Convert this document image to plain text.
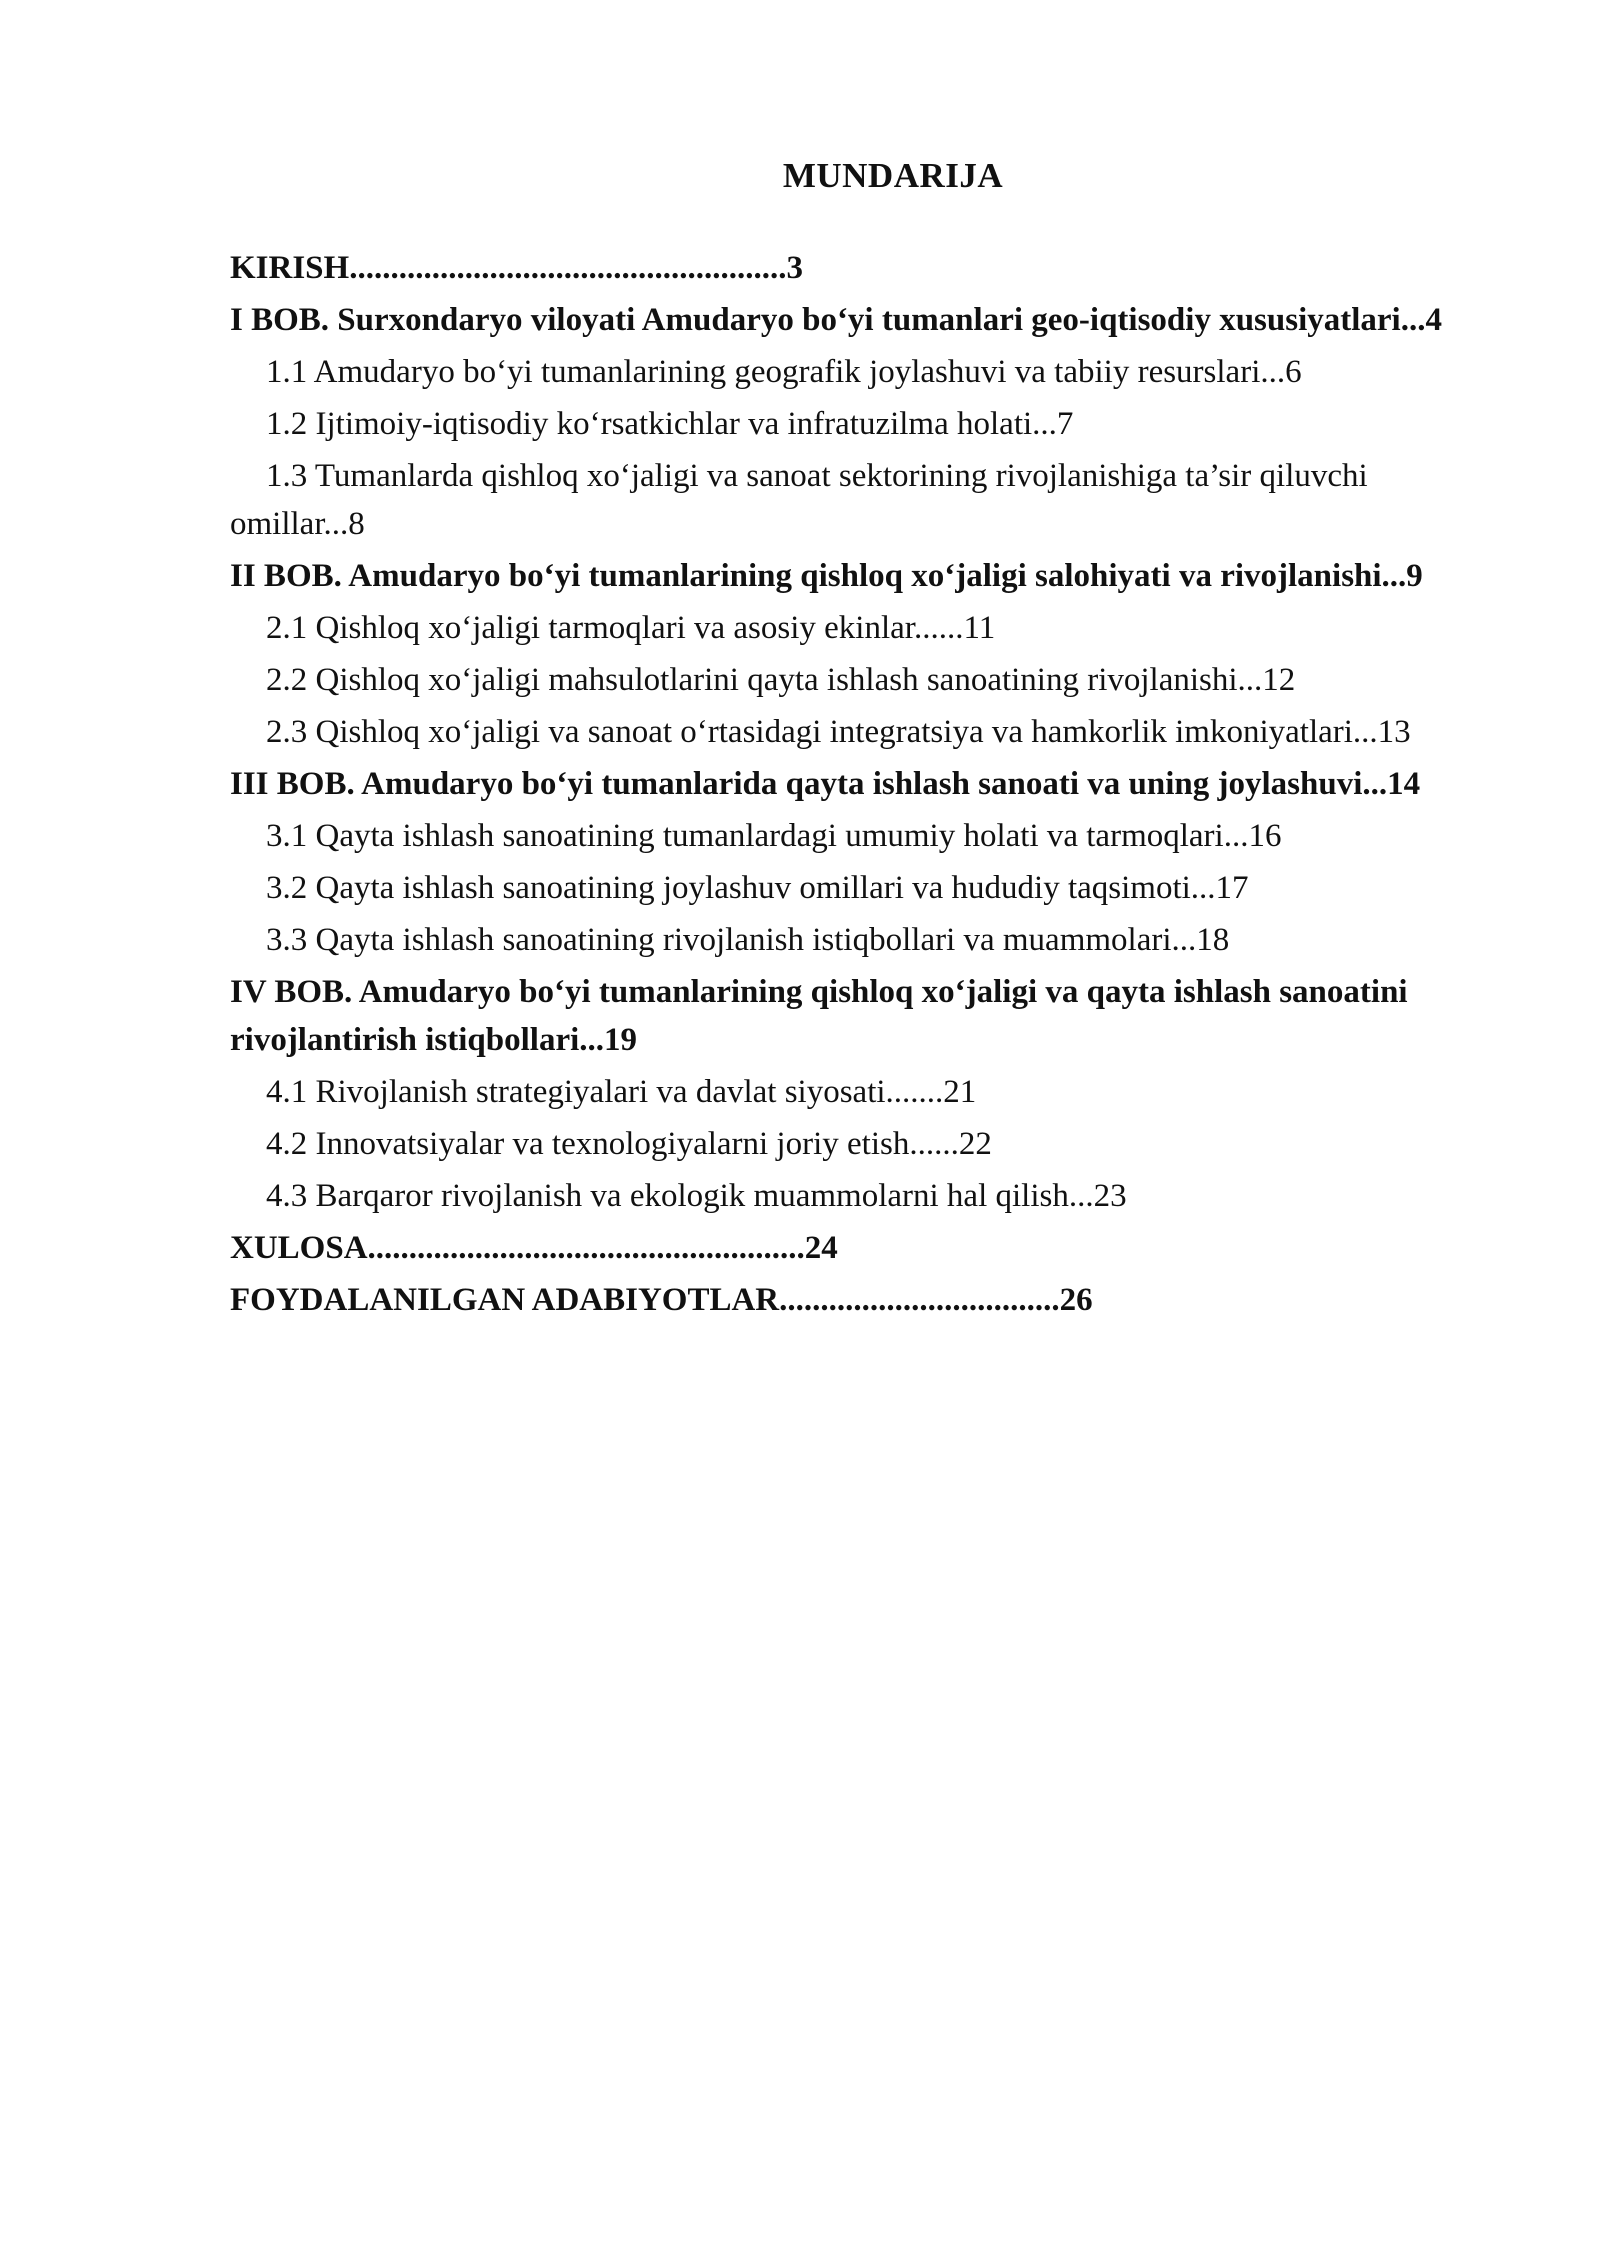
MUNDARIJA

KIRISH.....................................................3

I BOB. Surxondaryo viloyati Amudaryo bo‘yi tumanlari geo-iqtisodiy xususiyatlari...4

1.1 Amudaryo bo‘yi tumanlarining geografik joylashuvi va tabiiy resurslari...6

1.2 Ijtimoiy-iqtisodiy ko‘rsatkichlar va infratuzilma holati...7

1.3 Tumanlarda qishloq xo‘jaligi va sanoat sektorining rivojlanishiga ta’sir qiluvchi omillar...8

II BOB. Amudaryo bo‘yi tumanlarining qishloq xo‘jaligi salohiyati va rivojlanishi...9

2.1 Qishloq xo‘jaligi tarmoqlari va asosiy ekinlar......11

2.2 Qishloq xo‘jaligi mahsulotlarini qayta ishlash sanoatining rivojlanishi...12

2.3 Qishloq xo‘jaligi va sanoat o‘rtasidagi integratsiya va hamkorlik imkoniyatlari...13

III BOB. Amudaryo bo‘yi tumanlarida qayta ishlash sanoati va uning joylashuvi...14

3.1 Qayta ishlash sanoatining tumanlardagi umumiy holati va tarmoqlari...16

3.2 Qayta ishlash sanoatining joylashuv omillari va hududiy taqsimoti...17

3.3 Qayta ishlash sanoatining rivojlanish istiqbollari va muammolari...18

IV BOB. Amudaryo bo‘yi tumanlarining qishloq xo‘jaligi va qayta ishlash sanoatini rivojlantirish istiqbollari...19

4.1 Rivojlanish strategiyalari va davlat siyosati.......21

4.2 Innovatsiyalar va texnologiyalarni joriy etish......22

4.3 Barqaror rivojlanish va ekologik muammolarni hal qilish...23

XULOSA.....................................................24

FOYDALANILGAN ADABIYOTLAR..................................26
